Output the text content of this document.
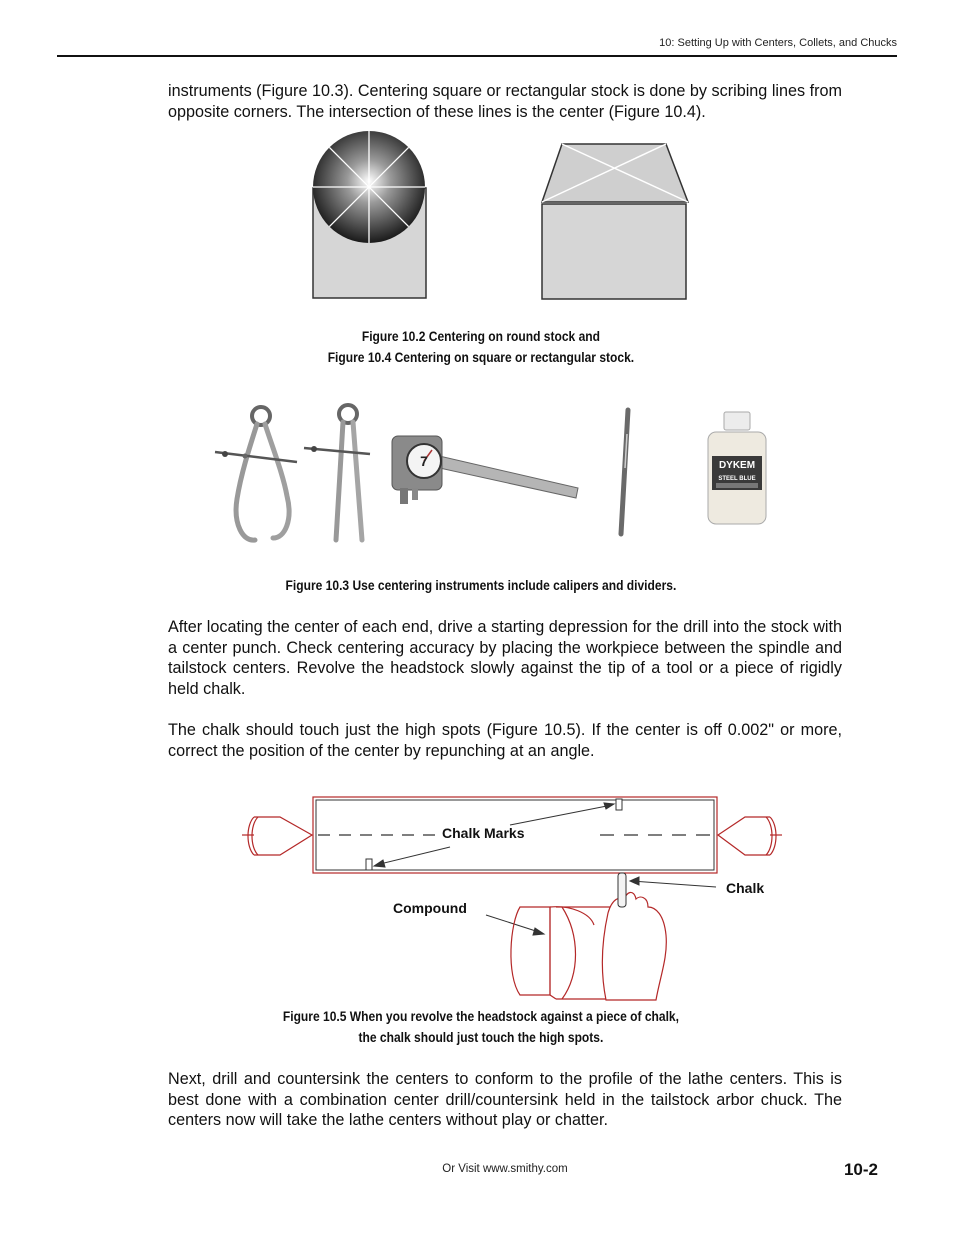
10: Setting Up with Centers, Collets, and Chucks

instruments (Figure 10.3). Centering square or rectangular stock is done by scribing lines from opposite corners. The intersection of these lines is the center (Figure 10.4).

Figure 10.2 Centering on round stock and
Figure 10.4 Centering on square or rectangular stock.
7	DYKEM
STEEL BLUE
Figure 10.3 Use centering instruments include calipers and dividers.

After locating the center of each end, drive a starting depression for the drill into the stock with a center punch. Check centering accuracy by placing the workpiece between the spindle and tailstock centers. Revolve the headstock slowly against the tip of a tool or a piece of rigidly held chalk.

The chalk should touch just the high spots (Figure 10.5). If the center is off 0.002" or more, correct the position of the center by repunching at an angle.

Chalk Marks
Chalk
Compound
Figure 10.5 When you revolve the headstock against a piece of chalk,
the chalk should just touch the high spots.

Next, drill and countersink the centers to conform to the profile of the lathe centers. This is best done with a combination center drill/countersink held in the tailstock arbor chuck. The centers now will take the lathe centers without play or chatter.

Or Visit www.smithy.com	10-2
